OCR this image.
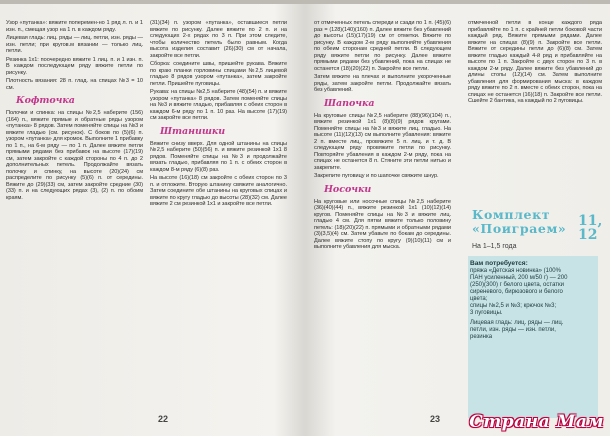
Узор «путанка»: вяжите поперемен-но 1 ряд л. п. и 1 изн. п., смещая узор на 1 п. в каждом ряду.

Лицевая гладь: лиц. ряды — лиц. петли, изн. ряды — изн. петли; при кругов.м вязании — только лиц. петли.

Резинка 1х1: поочередно вяжите 1 лиц. п. и 1 изн. п. В каждом последующем ряду вяжите петли по рисунку.

Плотность вязания: 28 п. глад. на спицах №3 = 10 см.

Кофточка

Полочки и спинка: на спицы №2,5 наберите (156)(164) п., вяжите прямые и обратные ряды узором «путанка» 8 рядов. Затем поменяйте спицы на №3 и вяжите гладью (см. рисунок). С боков по (5)(6) п. узором «путанка» для кромок. Выполните 1 прибавку по 1 п., на 6-м ряду — по 1 п. Далее вяжите петли прямыми рядами без прибавок на высоте (17)(19) см, затем закройте с каждой стороны по 4 п. до 2 дополнительных петель. Продолжайте вязать полочку и спинку, на высоте (20)(24) см распределите по рисунку (5)(6) п. от середины. Вяжите до (29)(33) см, затем закройте средние (30)(33) п. и на следующих рядах (3), (2) п. по обоим краям.

(31)(34) п. узором «путанка», оставшиеся петли вяжите по рисунку. Далее вяжите по 2 п. и на следующих 2-х рядах по 3 п. При этом следите, чтобы количество петель было равным. Когда высота изделия составит (26)(30) см от начала, закройте все петли.

Сборка: соедините швы, пришейте рукава. Вяжите по краю планки горловины спицами №2,5 лицевой гладью 8 рядов узором «путанка», затем закройте петли. Пришейте пуговицы.

Рукава: на спицы №2,5 наберите (48)(54) п. и вяжите узором «путанка» 8 рядов. Затем поменяйте спицы на №3 и вяжите гладью, прибавляя с обеих сторон в каждом 6-м ряду по 1 п. 10 раз. На высоте (17)(19) см закройте все петли.

Штанишки

Вяжите снизу вверх. Для одной штанины на спицы №2,5 наберите (50)(56) п. и вяжите резинкой 1х1 8 рядов. Поменяйте спицы на №3 и продолжайте вязать гладью, прибавляя по 1 п. с обеих сторон в каждом 8-м ряду (6)(8) раз.

На высоте (16)(18) см закройте с обеих сторон по 3 п. и отложите. Вторую штанину свяжите аналогично. Затем соедините обе штанины на круговых спицах и вяжите по кругу гладью до высоты (28)(32) см. Далее вяжите 2 см резинкой 1х1 и закройте все петли.

22

от отмеченных петель спереди и сзади по 1 п. (45)(6) раз = (128)(140)(160) п. Далее вяжите без убавлений до высоты (15)(17)(19) см от отметки. Вяжите по рисунку. В каждом 2-м ряду выполняйте убавления по обеим сторонам средней петли. В следующем ряду вяжите петли по рисунку. Далее вяжите прямыми рядами без убавлений, пока на спицах не останется (18)(20)(22) п. Закройте все петли.

Затем вяжите на плечах и выполните укороченные ряды, затем закройте петли. Продолжайте вязать без убавлений.

Шапочка

На круговые спицы №2,5 наберите (88)(96)(104) п., вяжите резинкой 1х1 (8)(8)(9) рядов кругами. Поменяйте спицы на №3 и вяжите лиц. гладью. На высоте (11)(12)(13) см выполните убавления: вяжите 2 п. вместе лиц., провяжите 5 п. лиц. и т. д. В следующем ряду провяжите петли по рисунку. Повторяйте убавления в каждом 2-м ряду, пока на спицах не останется 8 п. Стяните эти петли нитью и закрепите.

Закрепите пуговицу и по шапочке свяжите шнур.

Носочки

На круговые или носочные спицы №2,5 наберите (36)(40)(44) п., вяжите резинкой 1х1 (10)(12)(14) кругов. Поменяйте спицы на №3 и вяжите лиц. гладью 4 см. Для пятки вяжите только половину петель: (18)(20)(22) п. прямыми и обратными рядами (3)(3,5)(4) см. Затем убавьте по бокам до середины. Далее вяжите стопу по кругу (9)(10)(11) см и выполните убавления для мыска.

отмеченной петли в конце каждого ряда прибавляйте по 1 п. с крайней петли боковой части каждый ряд. Вяжите прямыми рядами. Далее вяжите на спицах (8)(9) п. Закройте все петли. Вяжите от середины петли до (6)(8) см. Затем вяжите гладью каждый 4-й ряд и прибавляйте на высоте по 1 п. Закройте с двух сторон по 3 п. в каждом 2-м ряду. Далее вяжите без убавлений до длины стопы (12)(14) см. Затем выполните убавления для формирования мыска: в каждом ряду вяжите по 2 п. вместе с обеих сторон, пока на спицах не останется (16)(18) п. Закройте все петли. Сшейте 2 бантика, на каждый по 2 пуговицы.

Комплект «Поиграем» 11, 12
На 1–1,5 года
Вам потребуется:
пряжа «Детская новинка» (100% ПАН усиленный, 200 м/50 г) — 200 (250)(300) г белого цвета, остатки сиреневого, бирюзового и белого цвета;
спицы №2,5 и №3; крючок №3;
3 пуговицы.
Лицевая гладь: лиц. ряды — лиц. петли, изн. ряды — изн. петли, резинка
23 Страна Мам
